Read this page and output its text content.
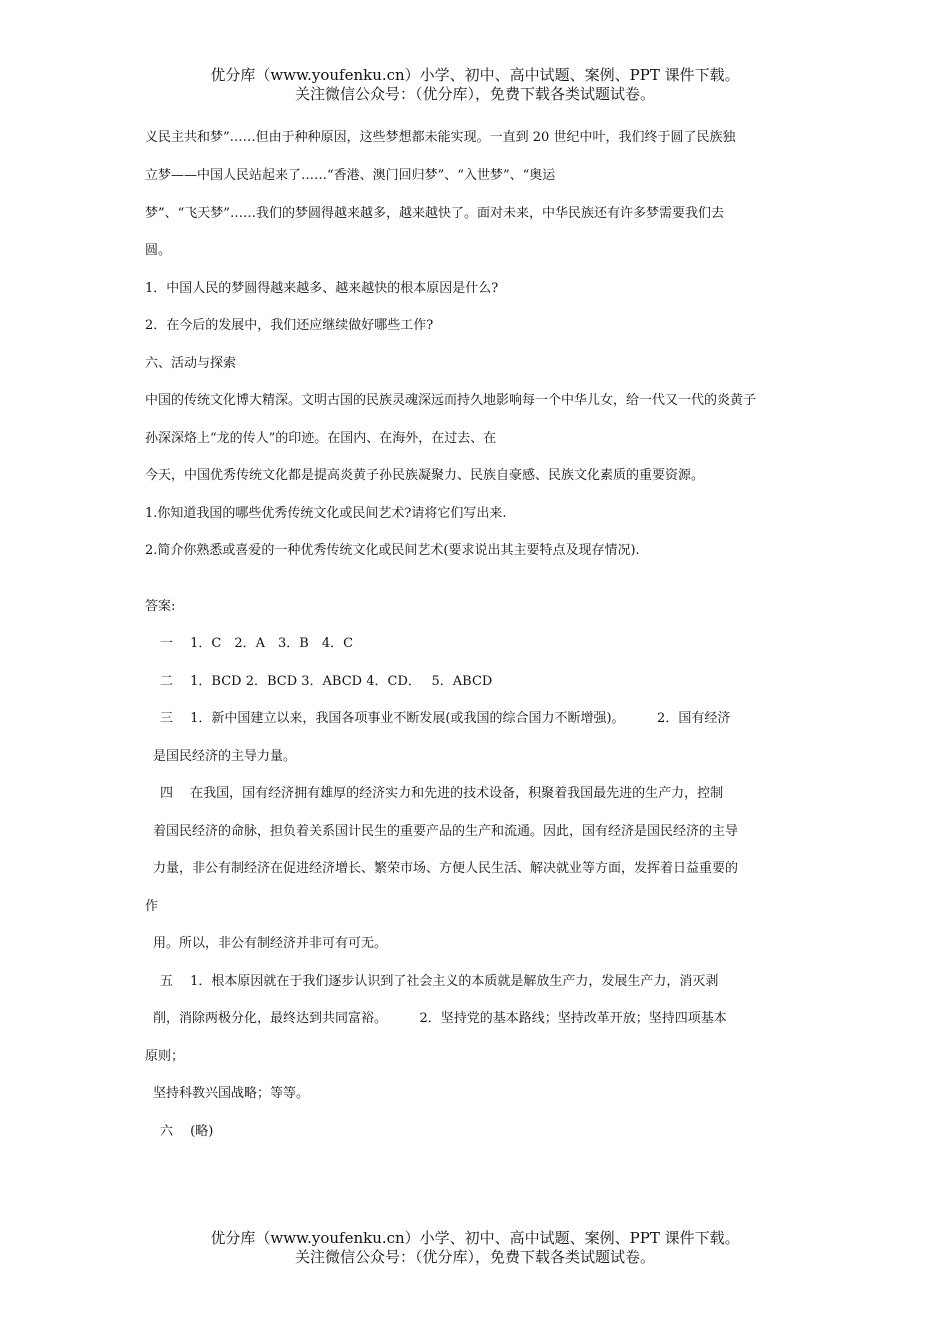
优分库（www.youfenku.cn）小学、初中、高中试题、案例、PPT 课件下载。
关注微信公众号：（优分库），免费下载各类试题试卷。
义民主共和梦”……但由于种种原因，这些梦想都未能实现。一直到 20 世纪中叶，我们终于圆了民族独
立梦——中国人民站起来了……“香港、澳门回归梦”、“入世梦”、“奥运
梦”、“飞天梦”……我们的梦圆得越来越多，越来越快了。面对未来，中华民族还有许多梦需要我们去
圆。
1．中国人民的梦圆得越来越多、越来越快的根本原因是什么?
2．在今后的发展中，我们还应继续做好哪些工作?
六、活动与探索
中国的传统文化博大精深。文明古国的民族灵魂深远而持久地影响每一个中华儿女，给一代又一代的炎黄子
孙深深烙上“龙的传人”的印迹。在国内、在海外，在过去、在
今天，中国优秀传统文化都是提高炎黄子孙民族凝聚力、民族自豪感、民族文化素质的重要资源。
1.你知道我国的哪些优秀传统文化或民间艺术?请将它们写出来.
2.简介你熟悉或喜爱的一种优秀传统文化或民间艺术(要求说出其主要特点及现存情况).
答案:
一　 1．C　2．A　3．B　4．C
二　 1．BCD 2．BCD 3．ABCD 4．CD．　 5．ABCD
三　 1．新中国建立以来，我国各项事业不断发展(或我国的综合国力不断增强)。　　　2．国有经济
是国民经济的主导力量。
四　 在我国，国有经济拥有雄厚的经济实力和先进的技术设备，积聚着我国最先进的生产力，控制
着国民经济的命脉，担负着关系国计民生的重要产品的生产和流通。因此，国有经济是国民经济的主导
力量，非公有制经济在促进经济增长、繁荣市场、方便人民生活、解决就业等方面，发挥着日益重要的
作
用。所以，非公有制经济并非可有可无。
五　 1．根本原因就在于我们逐步认识到了社会主义的本质就是解放生产力，发展生产力，消灭剥
削，消除两极分化，最终达到共同富裕。　　　2．坚持党的基本路线；坚持改革开放；坚持四项基本
原则；
坚持科教兴国战略；等等。
六　 (略)
优分库（www.youfenku.cn）小学、初中、高中试题、案例、PPT 课件下载。
关注微信公众号：（优分库），免费下载各类试题试卷。
